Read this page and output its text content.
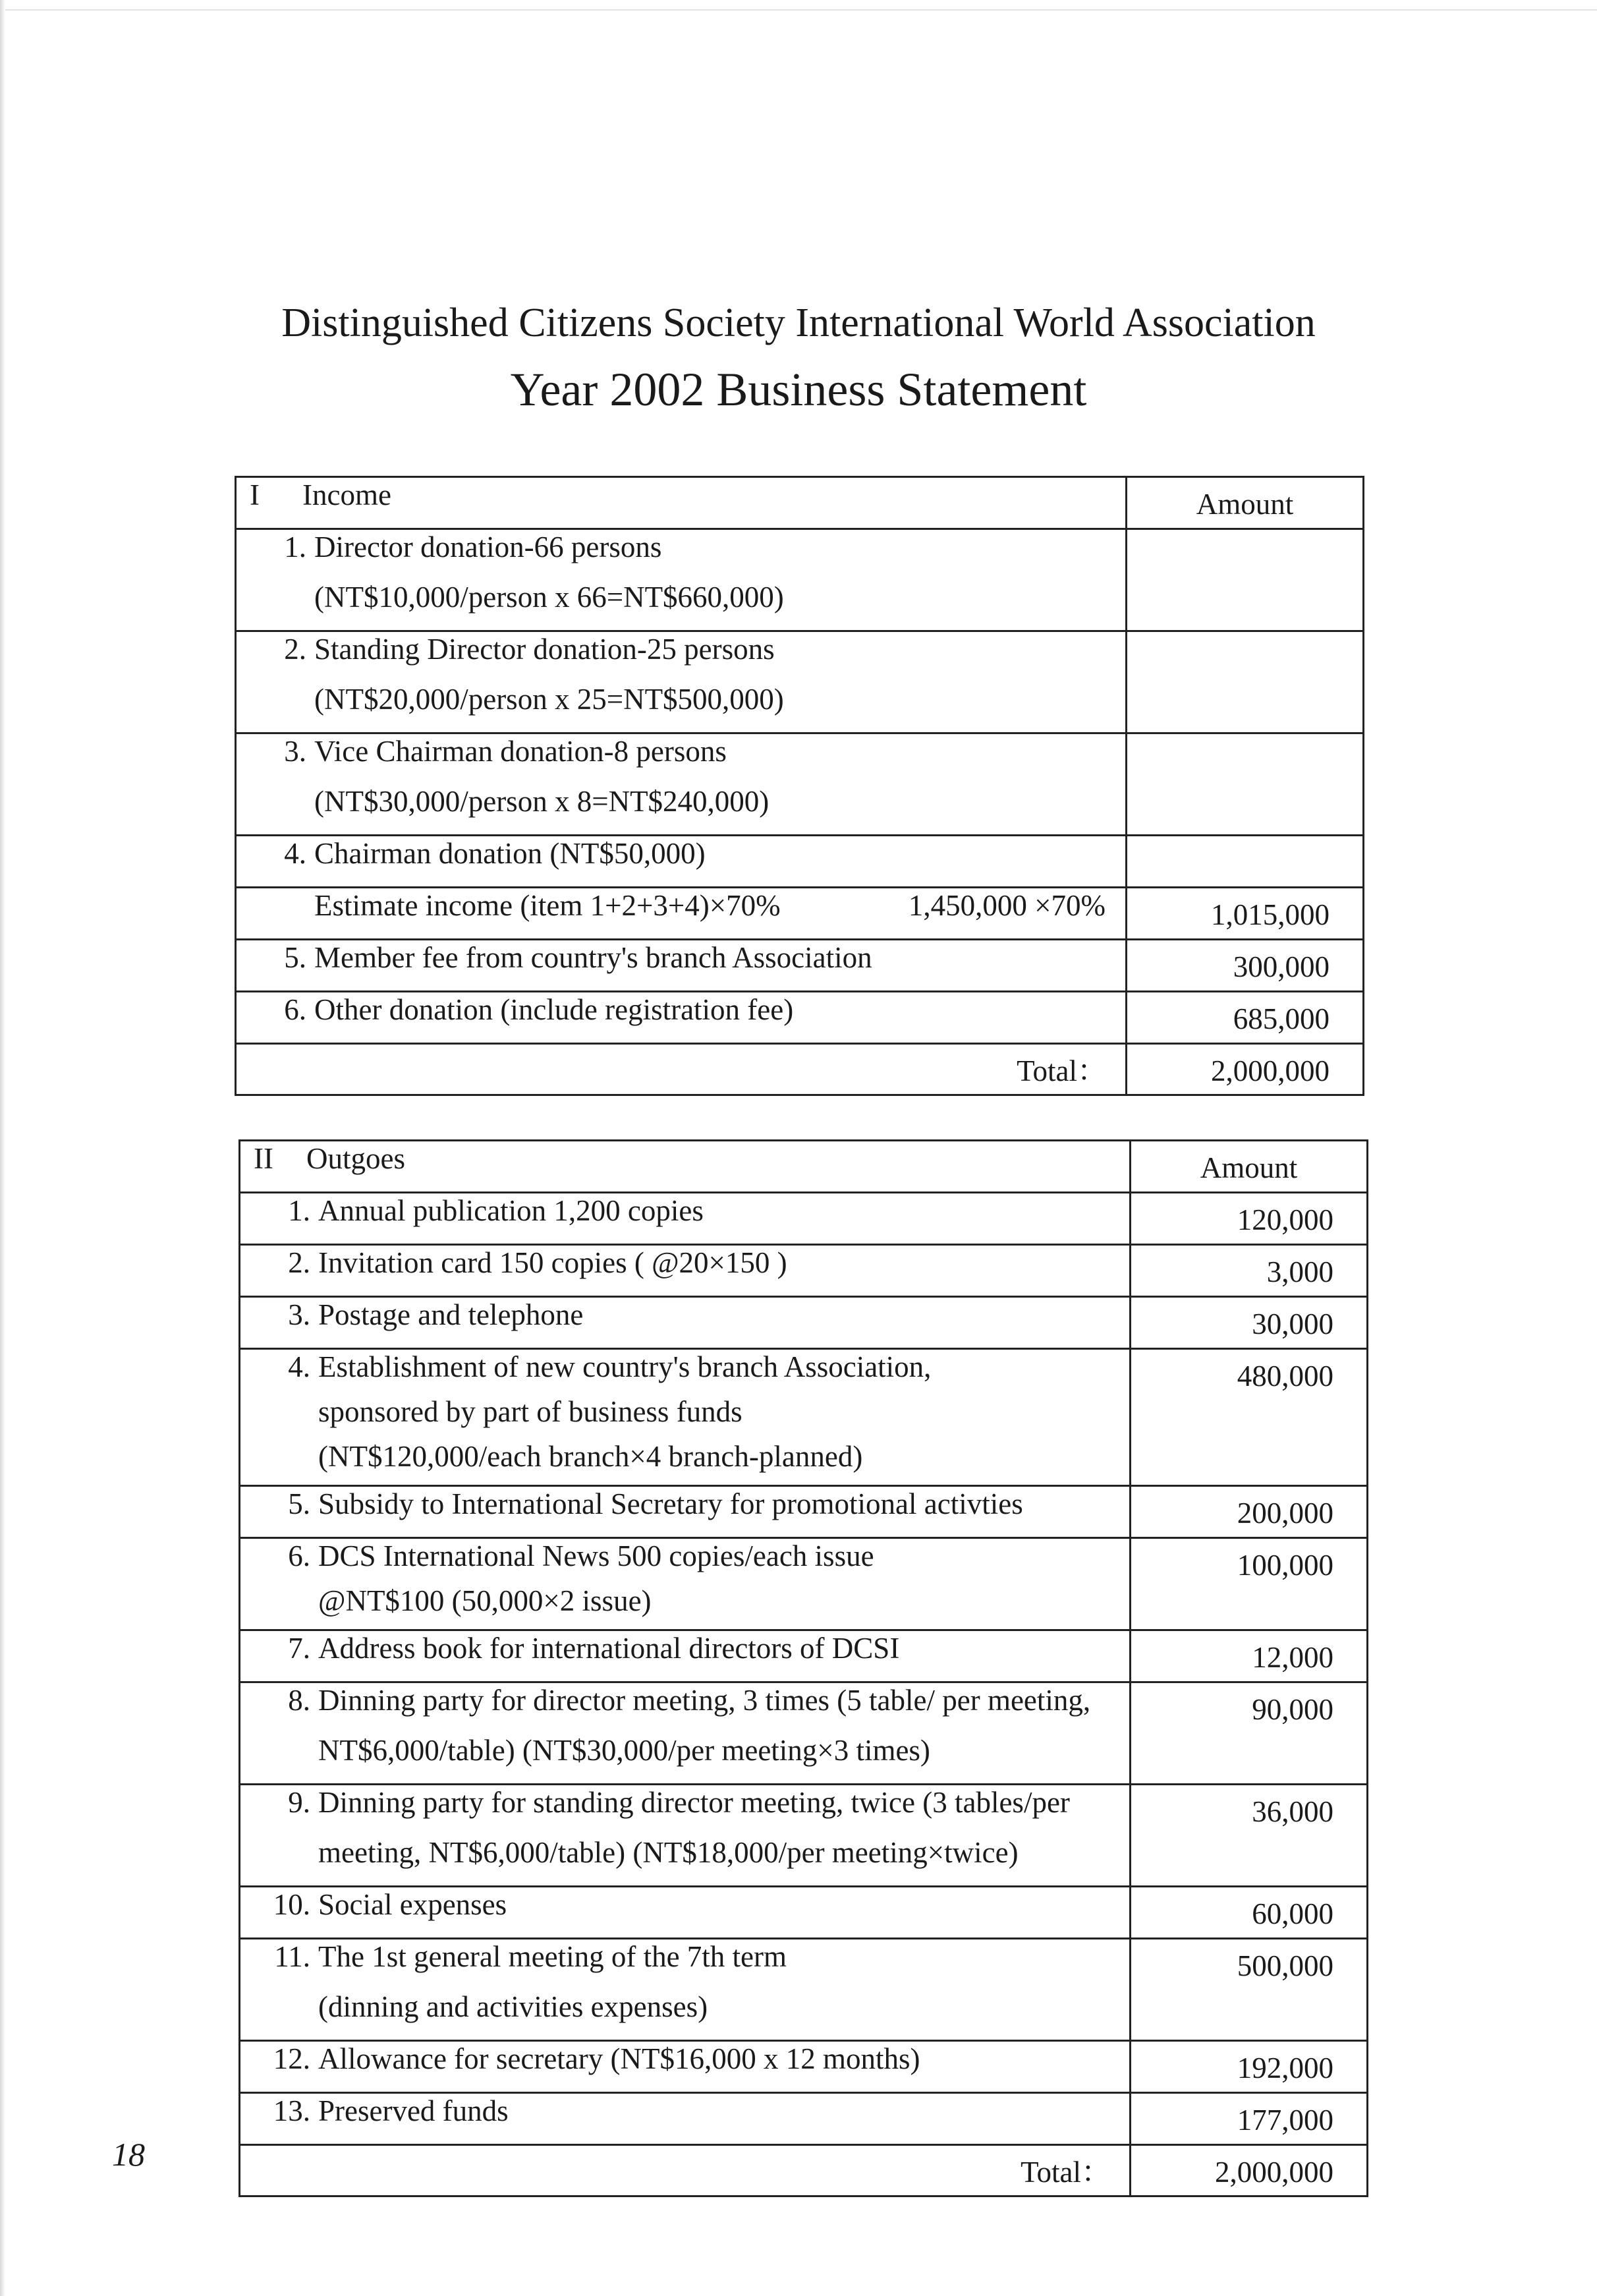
Distinguished Citizens Society International World Association
Year 2002 Business Statement
I Income	Amount

1. Director donation-66 persons
(NT$10,000/person x 66=NT$660,000)	

2. Standing Director donation-25 persons
(NT$20,000/person x 25=NT$500,000)	

3. Vice Chairman donation-8 persons
(NT$30,000/person x 8=NT$240,000)	

4. Chairman donation (NT$50,000)	

Estimate income (item 1+2+3+4)×70% 1,450,000 ×70%	1,015,000

5. Member fee from country's branch Association	300,000

6. Other donation (include registration fee)	685,000
Total：	2,000,000
II Outgoes	Amount

1. Annual publication 1,200 copies	120,000

2. Invitation card 150 copies ( @20×150 )	3,000

3. Postage and telephone	30,000

4. Establishment of new country's branch Association,
sponsored by part of business funds
(NT$120,000/each branch×4 branch-planned)	480,000

5. Subsidy to International Secretary for promotional activties	200,000

6. DCS International News 500 copies/each issue
@NT$100 (50,000×2 issue)	100,000

7. Address book for international directors of DCSI	12,000

8. Dinning party for director meeting, 3 times (5 table/ per meeting,
NT$6,000/table) (NT$30,000/per meeting×3 times)	90,000

9. Dinning party for standing director meeting, twice (3 tables/per
meeting, NT$6,000/table) (NT$18,000/per meeting×twice)	36,000

10. Social expenses	60,000

11. The 1st general meeting of the 7th term
(dinning and activities expenses)	500,000

12. Allowance for secretary (NT$16,000 x 12 months)	192,000

13. Preserved funds	177,000
Total：	2,000,000
18
